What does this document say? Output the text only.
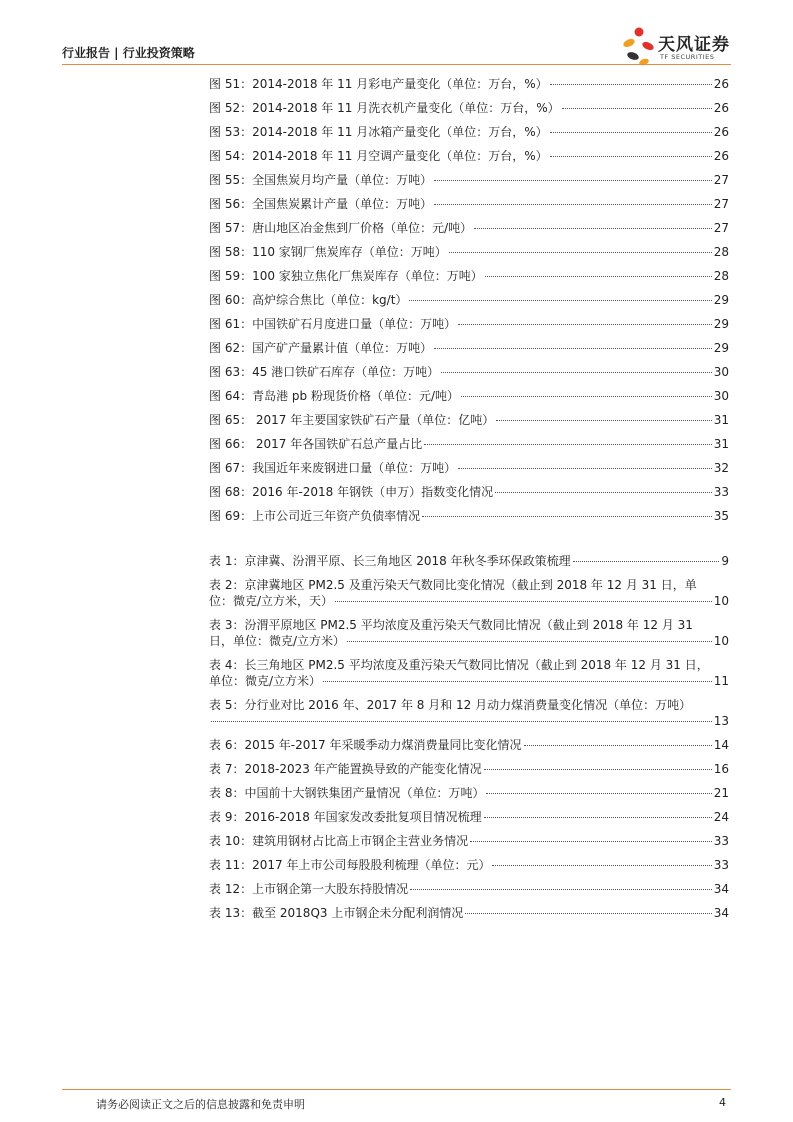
行业报告 | 行业投资策略	天风证券
TF SECURITIES
图 51：2014-2018 年 11 月彩电产量变化（单位：万台，%）	26
图 52：2014-2018 年 11 月洗衣机产量变化（单位：万台，%）	26
图 53：2014-2018 年 11 月冰箱产量变化（单位：万台，%）	26
图 54：2014-2018 年 11 月空调产量变化（单位：万台，%）	26
图 55：全国焦炭月均产量（单位：万吨）	27
图 56：全国焦炭累计产量（单位：万吨）	27
图 57：唐山地区冶金焦到厂价格（单位：元/吨）	27
图 58：110 家钢厂焦炭库存（单位：万吨）	28
图 59：100 家独立焦化厂焦炭库存（单位：万吨）	28
图 60：高炉综合焦比（单位：kg/t）	29
图 61：中国铁矿石月度进口量（单位：万吨）	29
图 62：国产矿产量累计值（单位：万吨）	29
图 63：45 港口铁矿石库存（单位：万吨）	30
图 64：青岛港 pb 粉现货价格（单位：元/吨）	30
图 65： 2017 年主要国家铁矿石产量（单位：亿吨）	31
图 66： 2017 年各国铁矿石总产量占比	31
图 67：我国近年来废钢进口量（单位：万吨）	32
图 68：2016 年-2018 年钢铁（申万）指数变化情况	33
图 69：上市公司近三年资产负债率情况	35
表 1：京津冀、汾渭平原、长三角地区 2018 年秋冬季环保政策梳理	9
表 2：京津冀地区 PM2.5 及重污染天气数同比变化情况（截止到 2018 年 12 月 31 日，单
位：微克/立方米，天）	10
表 3：汾渭平原地区 PM2.5 平均浓度及重污染天气数同比情况（截止到 2018 年 12 月 31
日，单位：微克/立方米）	10
表 4：长三角地区 PM2.5 平均浓度及重污染天气数同比情况（截止到 2018 年 12 月 31 日，
单位：微克/立方米）	11
表 5：分行业对比 2016 年、2017 年 8 月和 12 月动力煤消费量变化情况（单位：万吨）
13
表 6：2015 年-2017 年采暖季动力煤消费量同比变化情况	14
表 7：2018-2023 年产能置换导致的产能变化情况	16
表 8：中国前十大钢铁集团产量情况（单位：万吨）	21
表 9：2016-2018 年国家发改委批复项目情况梳理	24
表 10：建筑用钢材占比高上市钢企主营业务情况	33
表 11：2017 年上市公司每股股利梳理（单位：元）	33
表 12：上市钢企第一大股东持股情况	34
表 13：截至 2018Q3 上市钢企未分配利润情况	34
请务必阅读正文之后的信息披露和免责申明	4
